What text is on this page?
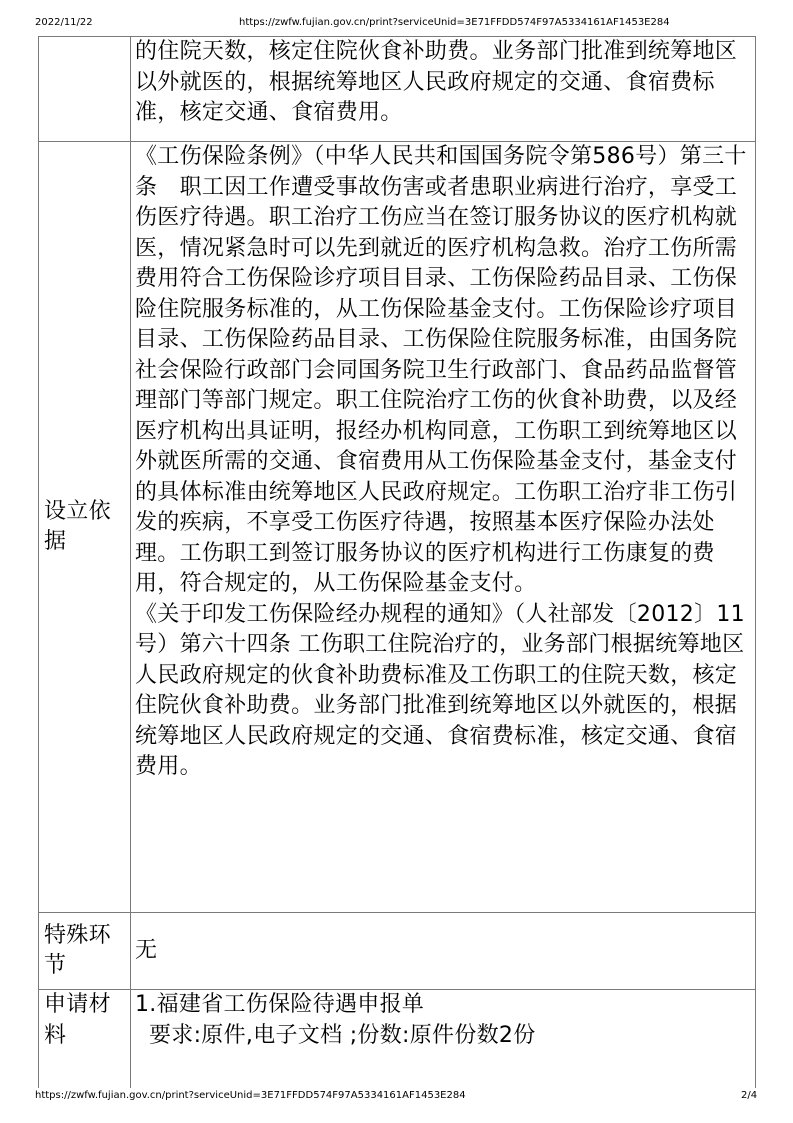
2022/11/22	https://zwfw.fujian.gov.cn/print?serviceUnid=3E71FFDD574F97A5334161AF1453E284

	的住院天数，核定住院伙食补助费。业务部门批准到统筹地区以外就医的，根据统筹地区人民政府规定的交通、食宿费标准，核定交通、食宿费用。

设立依据	《工伤保险条例》（中华人民共和国国务院令第586号）第三十条　职工因工作遭受事故伤害或者患职业病进行治疗，享受工伤医疗待遇。职工治疗工伤应当在签订服务协议的医疗机构就医，情况紧急时可以先到就近的医疗机构急救。治疗工伤所需费用符合工伤保险诊疗项目目录、工伤保险药品目录、工伤保险住院服务标准的，从工伤保险基金支付。工伤保险诊疗项目目录、工伤保险药品目录、工伤保险住院服务标准，由国务院社会保险行政部门会同国务院卫生行政部门、食品药品监督管理部门等部门规定。职工住院治疗工伤的伙食补助费，以及经医疗机构出具证明，报经办机构同意，工伤职工到统筹地区以外就医所需的交通、食宿费用从工伤保险基金支付，基金支付的具体标准由统筹地区人民政府规定。工伤职工治疗非工伤引发的疾病，不享受工伤医疗待遇，按照基本医疗保险办法处理。工伤职工到签订服务协议的医疗机构进行工伤康复的费用，符合规定的，从工伤保险基金支付。
《关于印发工伤保险经办规程的通知》（人社部发〔2012〕11号）第六十四条 工伤职工住院治疗的，业务部门根据统筹地区人民政府规定的伙食补助费标准及工伤职工的住院天数，核定住院伙食补助费。业务部门批准到统筹地区以外就医的，根据统筹地区人民政府规定的交通、食宿费标准，核定交通、食宿费用。

特殊环节	无

申请材料	1.福建省工伤保险待遇申报单
要求:原件,电子文档 ;份数:原件份数2份
https://zwfw.fujian.gov.cn/print?serviceUnid=3E71FFDD574F97A5334161AF1453E284	2/4
